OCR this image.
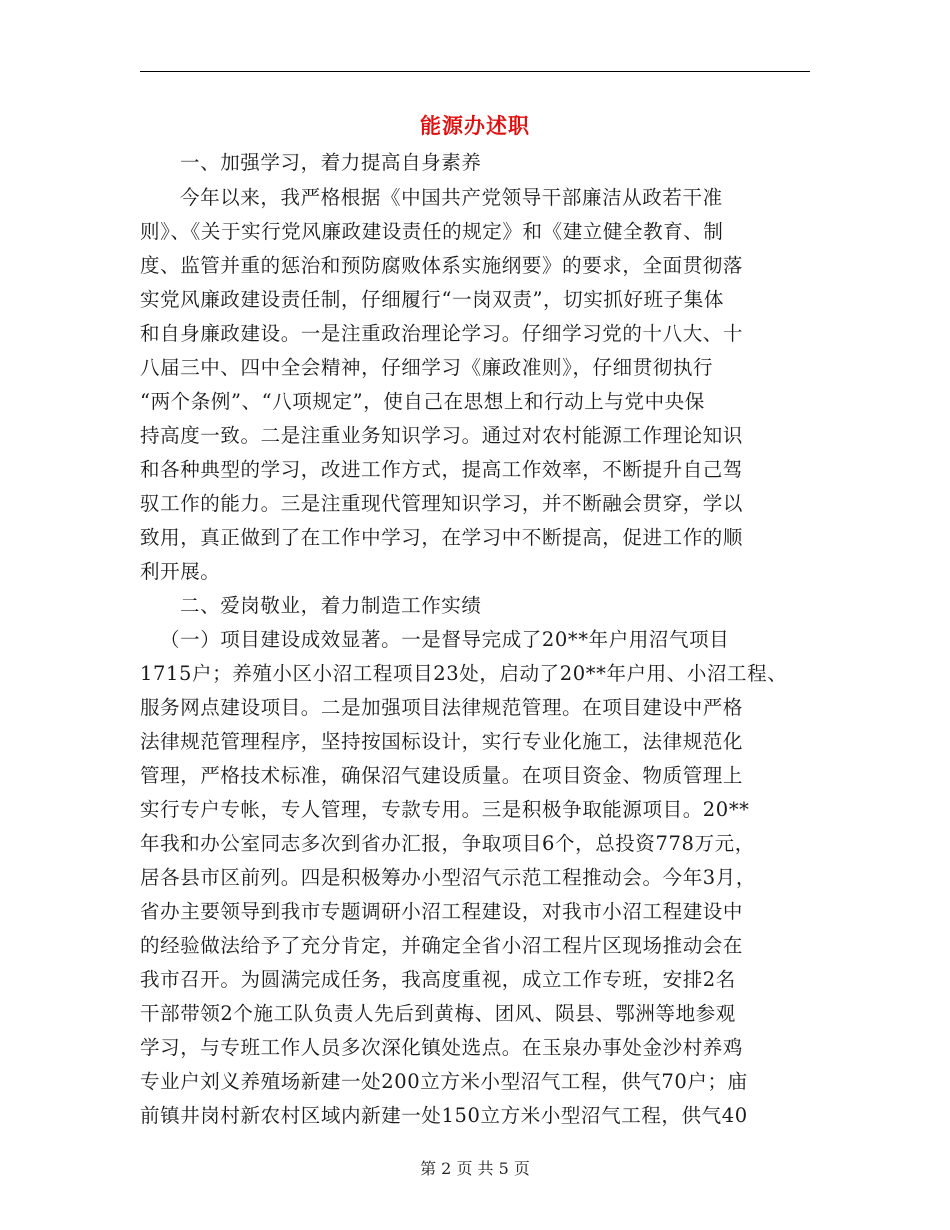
能源办述职
一、加强学习，着力提高自身素养
今年以来，我严格根据《中国共产党领导干部廉洁从政若干准
则》、《关于实行党风廉政建设责任的规定》和《建立健全教育、制
度、监管并重的惩治和预防腐败体系实施纲要》的要求，全面贯彻落
实党风廉政建设责任制，仔细履行“一岗双责”，切实抓好班子集体
和自身廉政建设。一是注重政治理论学习。仔细学习党的十八大、十
八届三中、四中全会精神，仔细学习《廉政准则》，仔细贯彻执行
“两个条例”、“八项规定”，使自己在思想上和行动上与党中央保
持高度一致。二是注重业务知识学习。通过对农村能源工作理论知识
和各种典型的学习，改进工作方式，提高工作效率，不断提升自己驾
驭工作的能力。三是注重现代管理知识学习，并不断融会贯穿，学以
致用，真正做到了在工作中学习，在学习中不断提高，促进工作的顺
利开展。
二、爱岗敬业，着力制造工作实绩
（一）项目建设成效显著。一是督导完成了20**年户用沼气项目
1715户；养殖小区小沼工程项目23处，启动了20**年户用、小沼工程、
服务网点建设项目。二是加强项目法律规范管理。在项目建设中严格
法律规范管理程序，坚持按国标设计，实行专业化施工，法律规范化
管理，严格技术标准，确保沼气建设质量。在项目资金、物质管理上
实行专户专帐，专人管理，专款专用。三是积极争取能源项目。20**
年我和办公室同志多次到省办汇报，争取项目6个，总投资778万元，
居各县市区前列。四是积极筹办小型沼气示范工程推动会。今年3月，
省办主要领导到我市专题调研小沼工程建设，对我市小沼工程建设中
的经验做法给予了充分肯定，并确定全省小沼工程片区现场推动会在
我市召开。为圆满完成任务，我高度重视，成立工作专班，安排2名
干部带领2个施工队负责人先后到黄梅、团风、陨县、鄂洲等地参观
学习，与专班工作人员多次深化镇处选点。在玉泉办事处金沙村养鸡
专业户刘义养殖场新建一处200立方米小型沼气工程，供气70户；庙
前镇井岗村新农村区域内新建一处150立方米小型沼气工程，供气40
第 2 页 共 5 页
